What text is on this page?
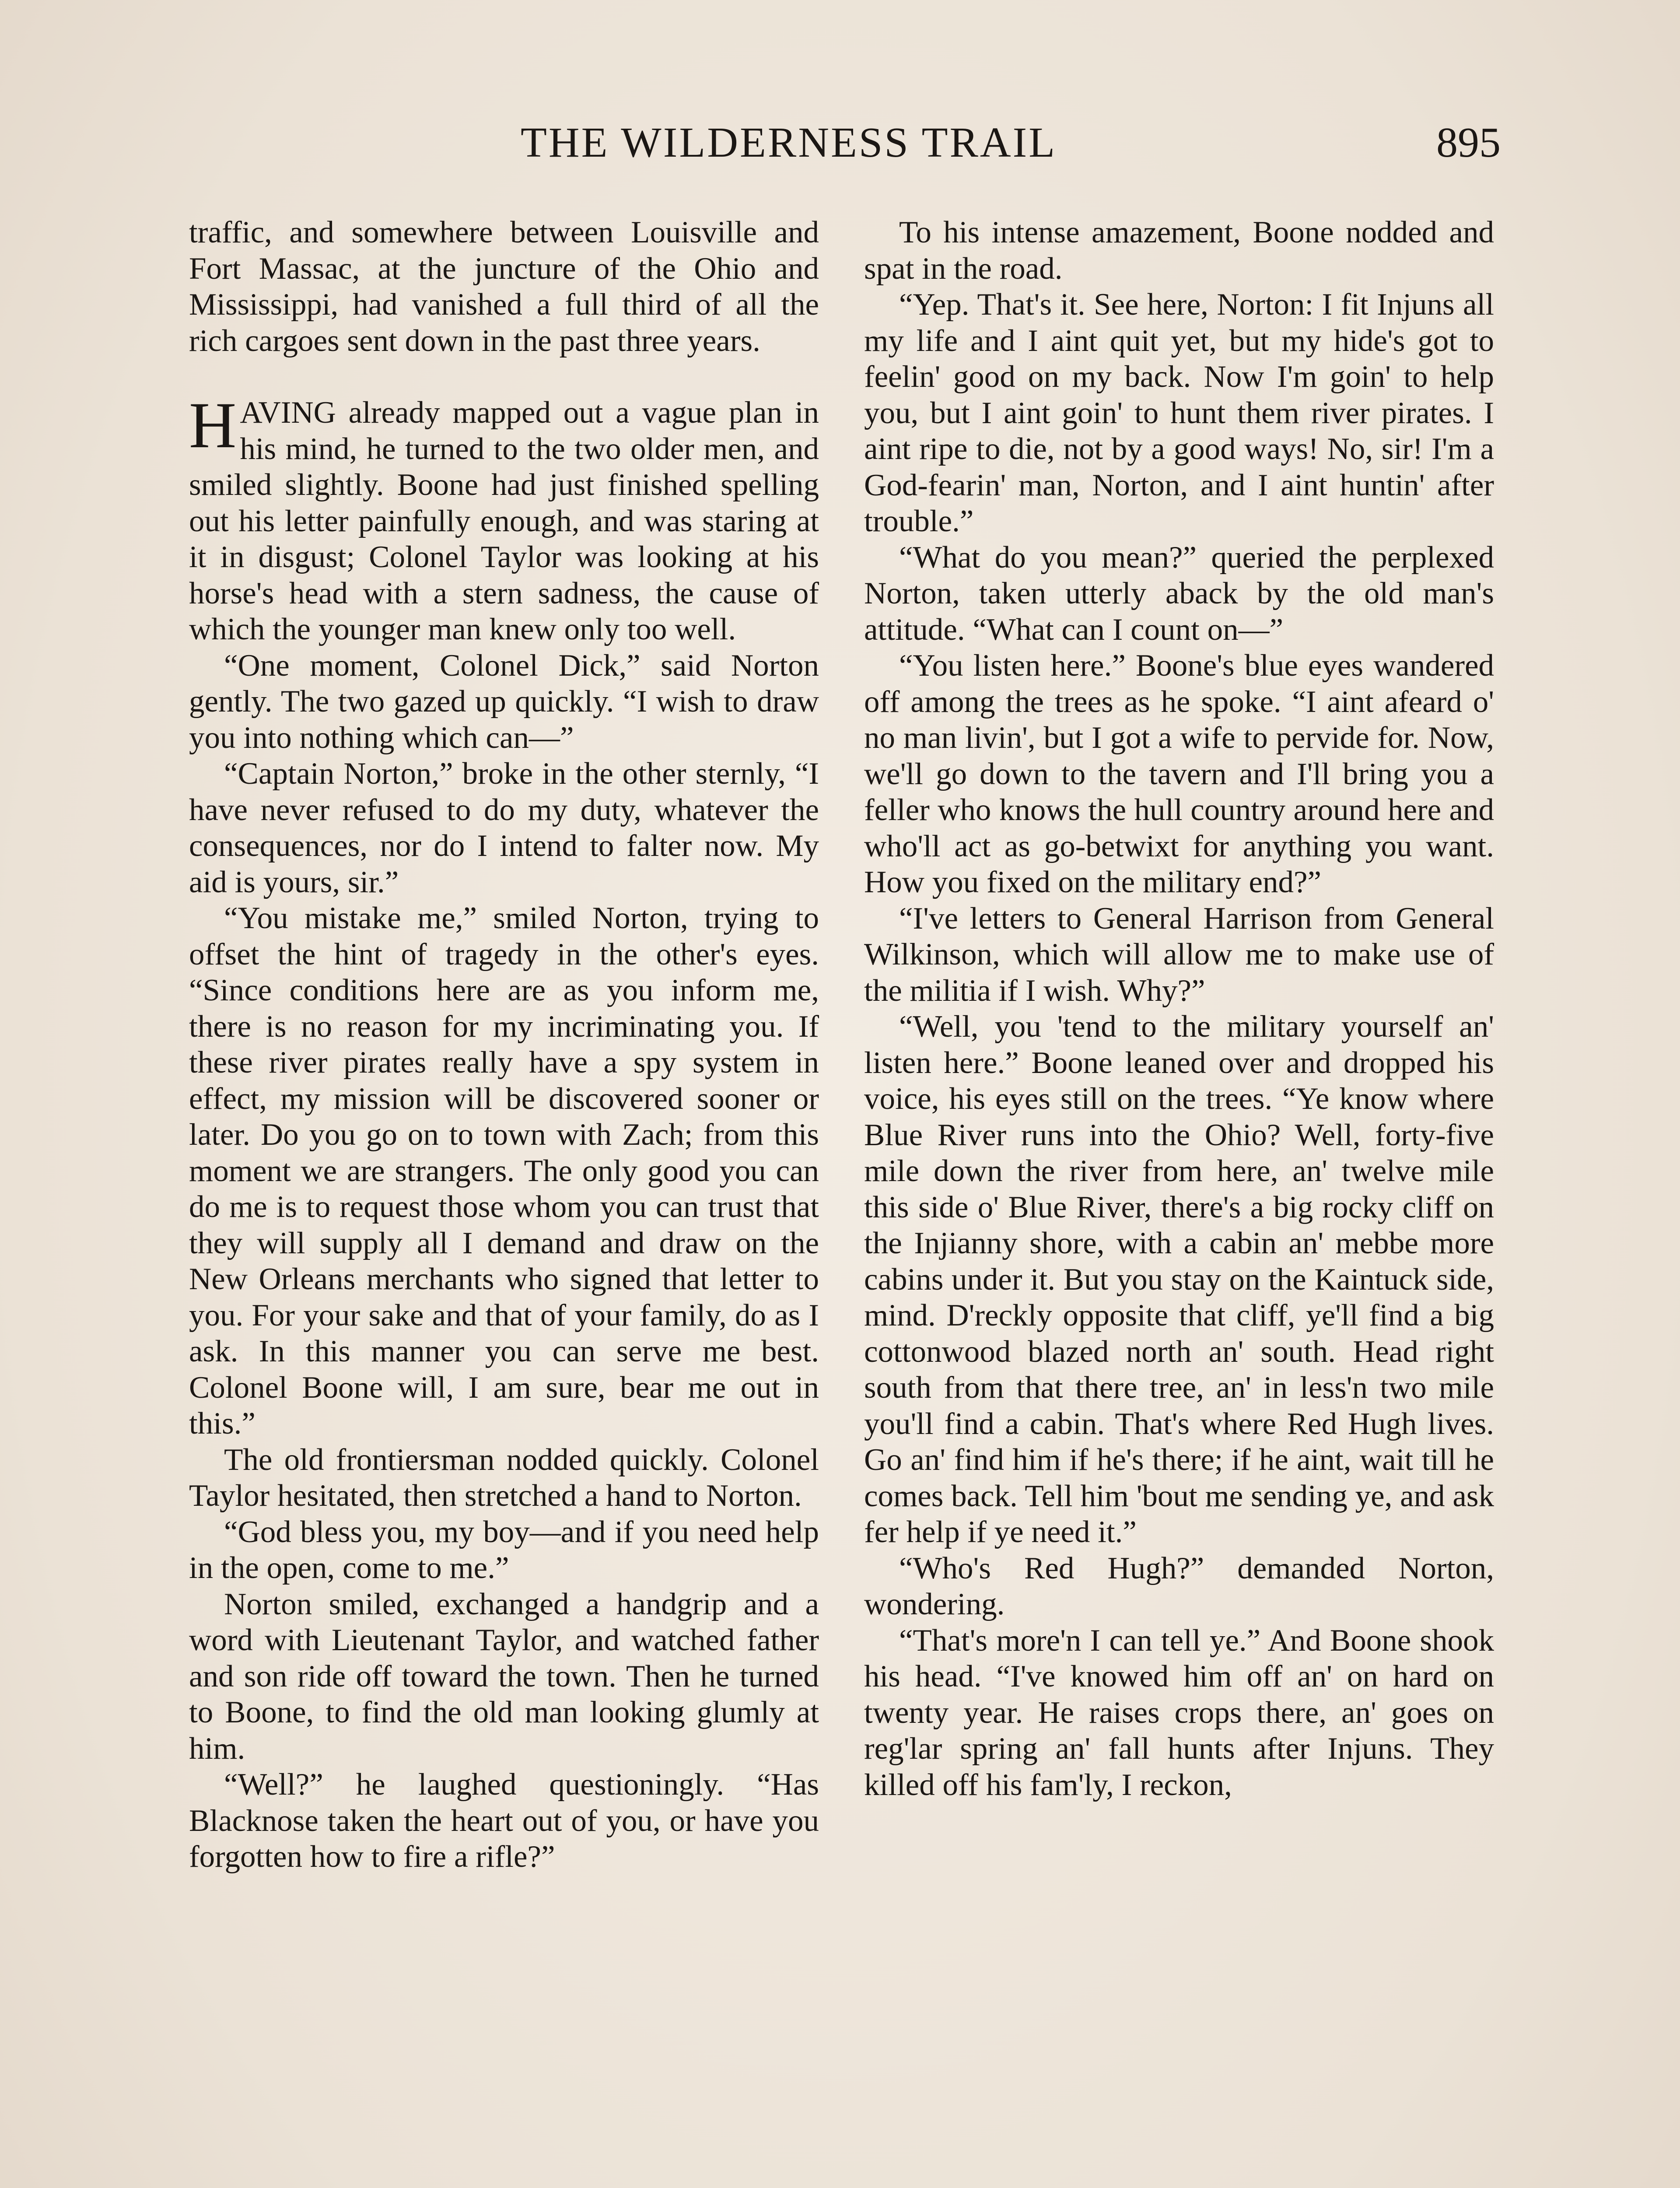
THE WILDERNESS TRAIL	895

traffic, and somewhere between Louisville and Fort Massac, at the juncture of the Ohio and Mississippi, had vanished a full third of all the rich cargoes sent down in the past three years.

HAVING already mapped out a vague plan in his mind, he turned to the two older men, and smiled slightly. Boone had just finished spelling out his letter painfully enough, and was staring at it in disgust; Colonel Taylor was looking at his horse's head with a stern sadness, the cause of which the younger man knew only too well.

“One moment, Colonel Dick,” said Norton gently. The two gazed up quickly. “I wish to draw you into nothing which can—”

“Captain Norton,” broke in the other sternly, “I have never refused to do my duty, whatever the consequences, nor do I intend to falter now. My aid is yours, sir.”

“You mistake me,” smiled Norton, trying to offset the hint of tragedy in the other's eyes. “Since conditions here are as you inform me, there is no reason for my incriminating you. If these river pirates really have a spy system in effect, my mission will be discovered sooner or later. Do you go on to town with Zach; from this moment we are strangers. The only good you can do me is to request those whom you can trust that they will supply all I demand and draw on the New Orleans merchants who signed that letter to you. For your sake and that of your family, do as I ask. In this manner you can serve me best. Colonel Boone will, I am sure, bear me out in this.”

The old frontiersman nodded quickly. Colonel Taylor hesitated, then stretched a hand to Norton.

“God bless you, my boy—and if you need help in the open, come to me.”

Norton smiled, exchanged a handgrip and a word with Lieutenant Taylor, and watched father and son ride off toward the town. Then he turned to Boone, to find the old man looking glumly at him.

“Well?” he laughed questioningly. “Has Blacknose taken the heart out of you, or have you forgotten how to fire a rifle?”

To his intense amazement, Boone nodded and spat in the road.

“Yep. That's it. See here, Norton: I fit Injuns all my life and I aint quit yet, but my hide's got to feelin' good on my back. Now I'm goin' to help you, but I aint goin' to hunt them river pirates. I aint ripe to die, not by a good ways! No, sir! I'm a God-fearin' man, Norton, and I aint huntin' after trouble.”

“What do you mean?” queried the perplexed Norton, taken utterly aback by the old man's attitude. “What can I count on—”

“You listen here.” Boone's blue eyes wandered off among the trees as he spoke. “I aint afeard o' no man livin', but I got a wife to pervide for. Now, we'll go down to the tavern and I'll bring you a feller who knows the hull country around here and who'll act as go-betwixt for anything you want. How you fixed on the military end?”

“I've letters to General Harrison from General Wilkinson, which will allow me to make use of the militia if I wish. Why?”

“Well, you 'tend to the military yourself an' listen here.” Boone leaned over and dropped his voice, his eyes still on the trees. “Ye know where Blue River runs into the Ohio? Well, forty-five mile down the river from here, an' twelve mile this side o' Blue River, there's a big rocky cliff on the Injianny shore, with a cabin an' mebbe more cabins under it. But you stay on the Kaintuck side, mind. D'reckly opposite that cliff, ye'll find a big cottonwood blazed north an' south. Head right south from that there tree, an' in less'n two mile you'll find a cabin. That's where Red Hugh lives. Go an' find him if he's there; if he aint, wait till he comes back. Tell him 'bout me sending ye, and ask fer help if ye need it.”

“Who's Red Hugh?” demanded Norton, wondering.

“That's more'n I can tell ye.” And Boone shook his head. “I've knowed him off an' on hard on twenty year. He raises crops there, an' goes on reg'lar spring an' fall hunts after Injuns. They killed off his fam'ly, I reckon,
